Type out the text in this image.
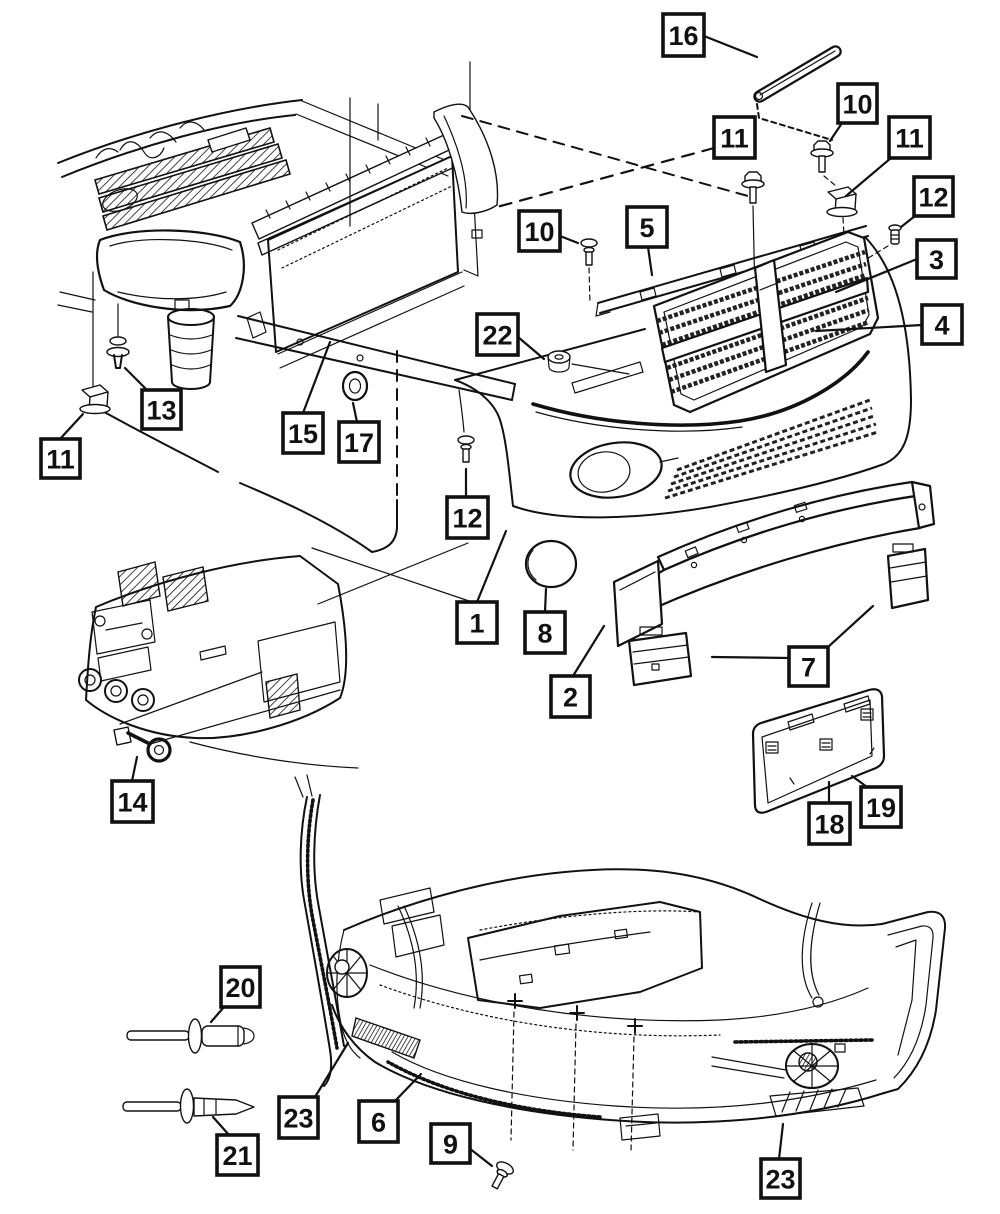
16
10
11	11
12
5
10
3
4
22
13
15 17
11
12
1 8
2
7
18
19
14
20
21
23 6
9
23
